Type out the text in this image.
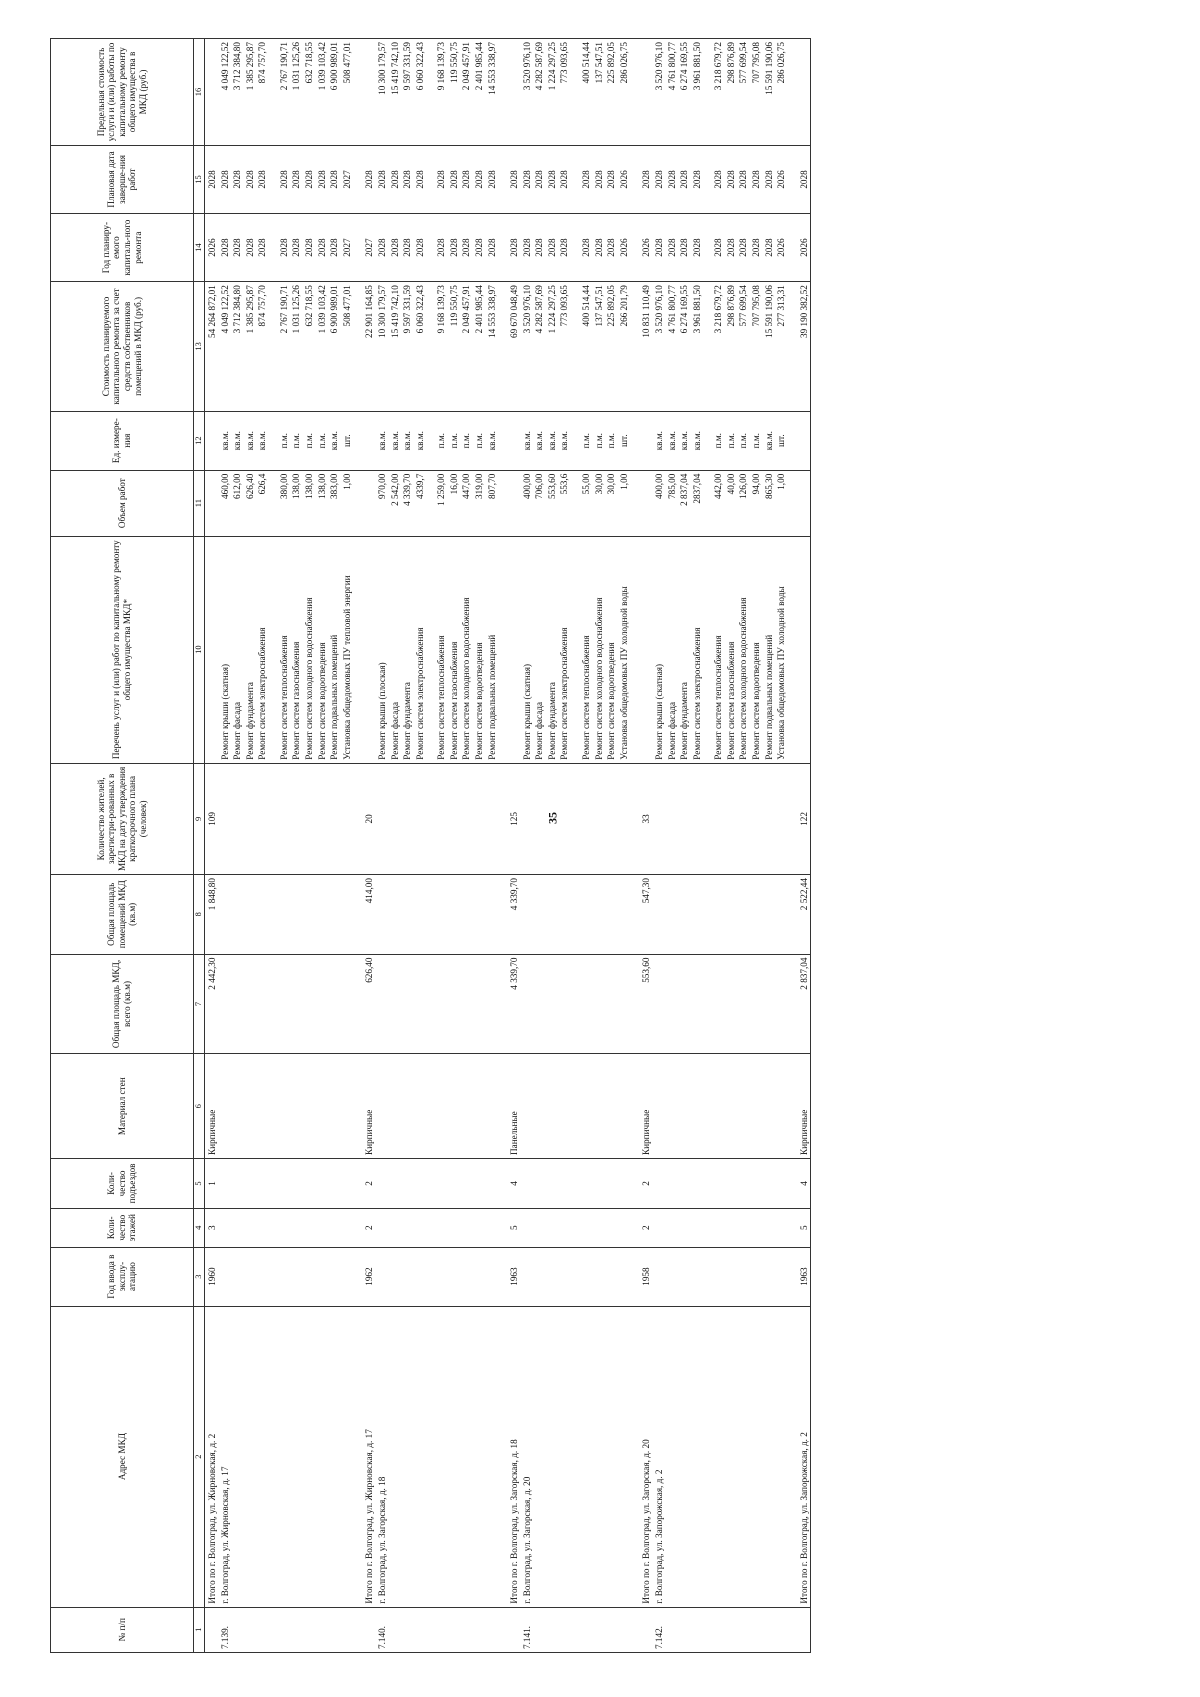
35
№ п/п	Адрес МКД	Год ввода в эксплу-атацию	Коли-чество этажей	Коли-чество подъездов	Материал стен	Общая площадь МКД, всего (кв.м)	Общая площадь помещений МКД (кв.м)	Количество жителей, зарегистри-рованных в МКД на дату утверждения краткосрочного плана (человек)	Перечень услуг и (или) работ по капитальному ремонту общего имущества МКД*	Объем работ	Ед. измере-ния	Стоимость планируемого капитального ремонта за счет средств собственников помещений в МКД (руб.)	Год планиру-емого капиталь-ного ремонта	Плановая дата заверше-ния работ	Предельная стоимость услуги и (или) работы по капитальному ремонту общего имущества в МКД (руб.)
1	2	3	4	5	6	7	8	9	10	11	12	13	14	15	16
	Итого по г. Волгоград, ул. Жирновская, д. 2	1960	3	1	Кирпичные	2 442,30	1 848,80	109				54 264 872,01	2026	2028	
7.139.	г. Волгоград, ул. Жирновская, д. 17								Ремонт крыши (скатная)	460,00	кв.м.	4 049 122,52	2028	2028	4 049 122,52
									Ремонт фасада	612,00	кв.м.	3 712 384,80	2028	2028	3 712 384,80
									Ремонт фундамента	626,40	кв.м.	1 385 295,87	2028	2028	1 385 295,87
									Ремонт систем электроснабжения	626,4	кв.м.	874 757,70	2028	2028	874 757,70

									Ремонт систем теплоснабжения	380,00	п.м.	2 767 190,71	2028	2028	2 767 190,71
									Ремонт систем газоснабжения	138,00	п.м.	1 031 125,26	2028	2028	1 031 125,26
									Ремонт систем холодного водоснабжения	138,00	п.м.	632 718,55	2028	2028	632 718,55
									Ремонт систем водоотведения	138,00	п.м.	1 039 103,42	2028	2028	1 039 103,42
									Ремонт подвальных помещений	383,00	кв.м.	6 900 989,01	2028	2028	6 900 989,01
									Установка общедомовых ПУ тепловой энергии	1,00	шт.	508 477,01	2027	2027	508 477,01

	Итого по г. Волгоград, ул. Жирновская, д. 17	1962	2	2	Кирпичные	626,40	414,00	20				22 901 164,85	2027	2028	
7.140.	г. Волгоград, ул. Загорская, д. 18								Ремонт крыши (плоская)	970,00	кв.м.	10 300 179,57	2028	2028	10 300 179,57
									Ремонт фасада	2 542,00	кв.м.	15 419 742,10	2028	2028	15 419 742,10
									Ремонт фундамента	4 339,70	кв.м.	9 597 331,59	2028	2028	9 597 331,59
									Ремонт систем электроснабжения	4339,7	кв.м.	6 060 322,43	2028	2028	6 060 322,43

									Ремонт систем теплоснабжения	1 259,00	п.м.	9 168 139,73	2028	2028	9 168 139,73
									Ремонт систем газоснабжения	16,00	п.м.	119 550,75	2028	2028	119 550,75
									Ремонт систем холодного водоснабжения	447,00	п.м.	2 049 457,91	2028	2028	2 049 457,91
									Ремонт систем водоотведения	319,00	п.м.	2 401 985,44	2028	2028	2 401 985,44
									Ремонт подвальных помещений	807,70	кв.м.	14 553 338,97	2028	2028	14 553 338,97

	Итого по г. Волгоград, ул. Загорская, д. 18	1963	5	4	Панельные	4 339,70	4 339,70	125				69 670 048,49	2028	2028	
7.141.	г. Волгоград, ул. Загорская, д. 20								Ремонт крыши (скатная)	400,00	кв.м.	3 520 976,10	2028	2028	3 520 976,10
									Ремонт фасада	706,00	кв.м.	4 282 587,69	2028	2028	4 282 587,69
									Ремонт фундамента	553,60	кв.м.	1 224 297,25	2028	2028	1 224 297,25
									Ремонт систем электроснабжения	553,6	кв.м.	773 093,65	2028	2028	773 093,65

									Ремонт систем теплоснабжения	55,00	п.м.	400 514,44	2028	2028	400 514,44
									Ремонт систем холодного водоснабжения	30,00	п.м.	137 547,51	2028	2028	137 547,51
									Ремонт систем водоотведения	30,00	п.м.	225 892,05	2028	2028	225 892,05
									Установка общедомовых ПУ холодной воды	1,00	шт.	266 201,79	2026	2026	286 026,75

	Итого по г. Волгоград, ул. Загорская, д. 20	1958	2	2	Кирпичные	553,60	547,30	33				10 831 110,49	2026	2028	
7.142.	г. Волгоград, ул. Запорожская, д. 2								Ремонт крыши (скатная)	400,00	кв.м.	3 520 976,10	2028	2028	3 520 976,10
									Ремонт фасада	785,00	кв.м.	4 761 800,77	2028	2028	4 761 800,77
									Ремонт фундамента	2 837,04	кв.м.	6 274 169,55	2028	2028	6 274 169,55
									Ремонт систем электроснабжения	2837,04	кв.м.	3 961 881,50	2028	2028	3 961 881,50

									Ремонт систем теплоснабжения	442,00	п.м.	3 218 679,72	2028	2028	3 218 679,72
									Ремонт систем газоснабжения	40,00	п.м.	298 876,89	2028	2028	298 876,89
									Ремонт систем холодного водоснабжения	126,00	п.м.	577 699,54	2028	2028	577 699,54
									Ремонт систем водоотведения	94,00	п.м.	707 795,08	2028	2028	707 795,08
									Ремонт подвальных помещений	865,30	кв.м.	15 591 190,06	2028	2028	15 591 190,06
									Установка общедомовых ПУ холодной воды	1,00	шт.	277 313,31	2026	2026	286 026,75

	Итого по г. Волгоград, ул. Запорожская, д. 2	1963	5	4	Кирпичные	2 837,04	2 522,44	122				39 190 382,52	2026	2028	
